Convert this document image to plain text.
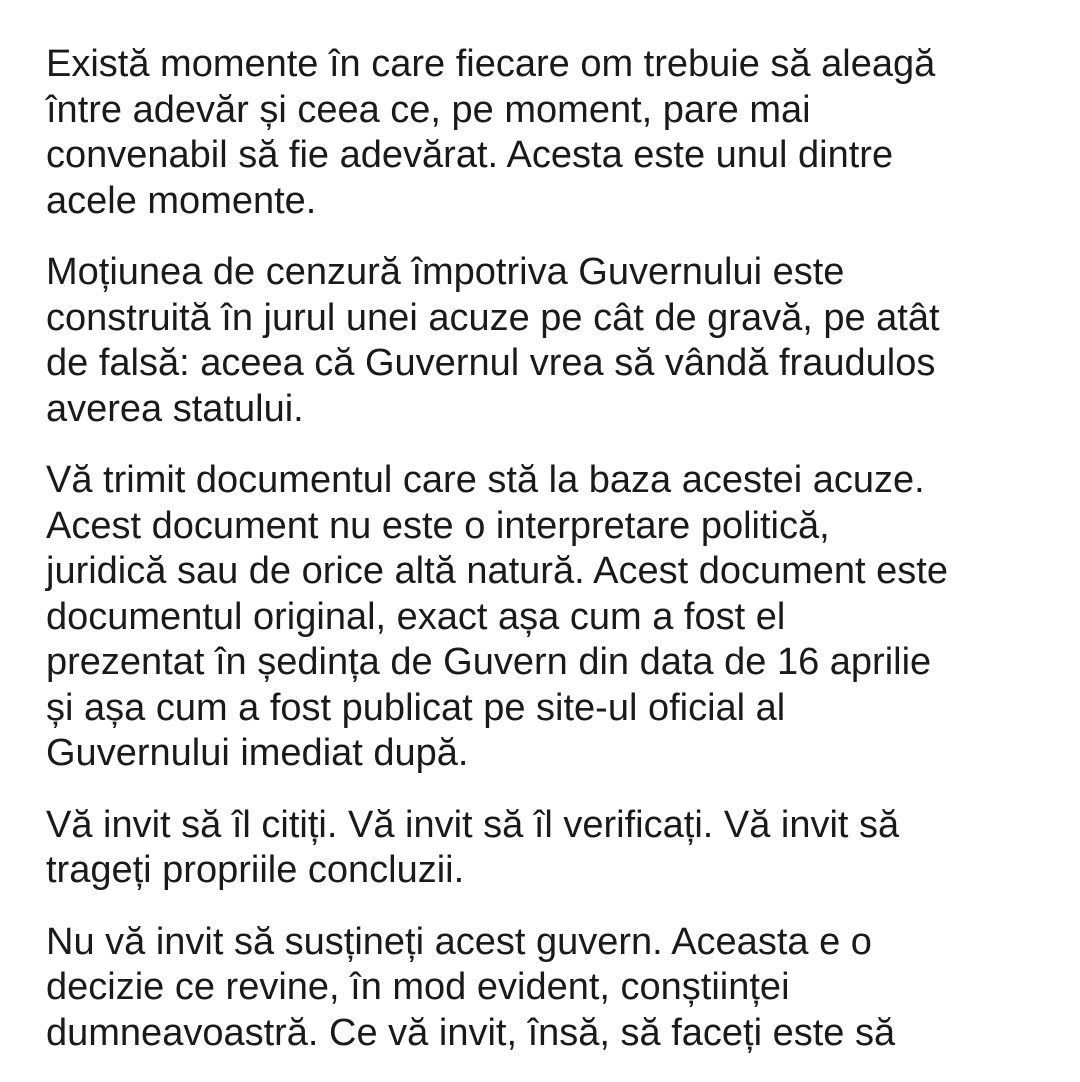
Există momente în care fiecare om trebuie să aleagă
între adevăr și ceea ce, pe moment, pare mai
convenabil să fie adevărat. Acesta este unul dintre
acele momente.

Moțiunea de cenzură împotriva Guvernului este
construită în jurul unei acuze pe cât de gravă, pe atât
de falsă: aceea că Guvernul vrea să vândă fraudulos
averea statului.

Vă trimit documentul care stă la baza acestei acuze.
Acest document nu este o interpretare politică,
juridică sau de orice altă natură. Acest document este
documentul original, exact așa cum a fost el
prezentat în ședința de Guvern din data de 16 aprilie
și așa cum a fost publicat pe site-ul oficial al
Guvernului imediat după.

Vă invit să îl citiți. Vă invit să îl verificați. Vă invit să
trageți propriile concluzii.

Nu vă invit să susțineți acest guvern. Aceasta e o
decizie ce revine, în mod evident, conștiinței
dumneavoastră. Ce vă invit, însă, să faceți este să
